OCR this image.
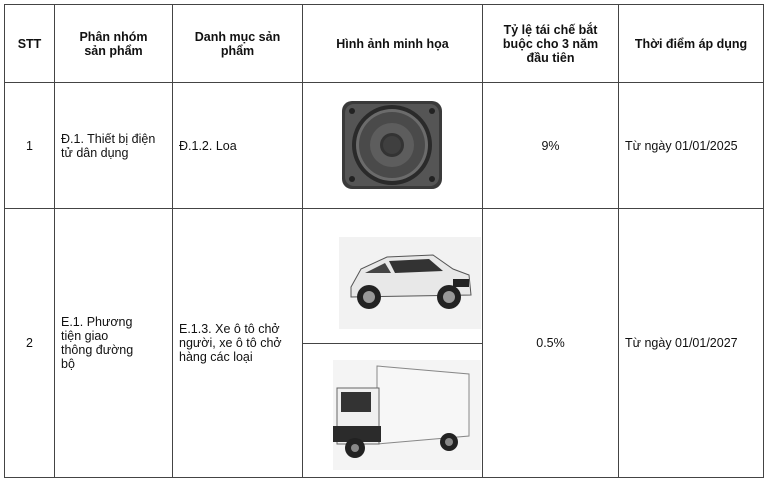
STT	Phân nhóm sản phẩm	Danh mục sản phẩm	Hình ảnh minh họa	Tỷ lệ tái chế bắt buộc cho 3 năm đầu tiên	Thời điểm áp dụng
1	Đ.1. Thiết bị điện tử dân dụng	Đ.1.2. Loa		9%	Từ ngày 01/01/2025
2	E.1. Phương tiện giao thông đường bộ	E.1.3. Xe ô tô chở người, xe ô tô chở hàng các loại		0.5%	Từ ngày 01/01/2027
